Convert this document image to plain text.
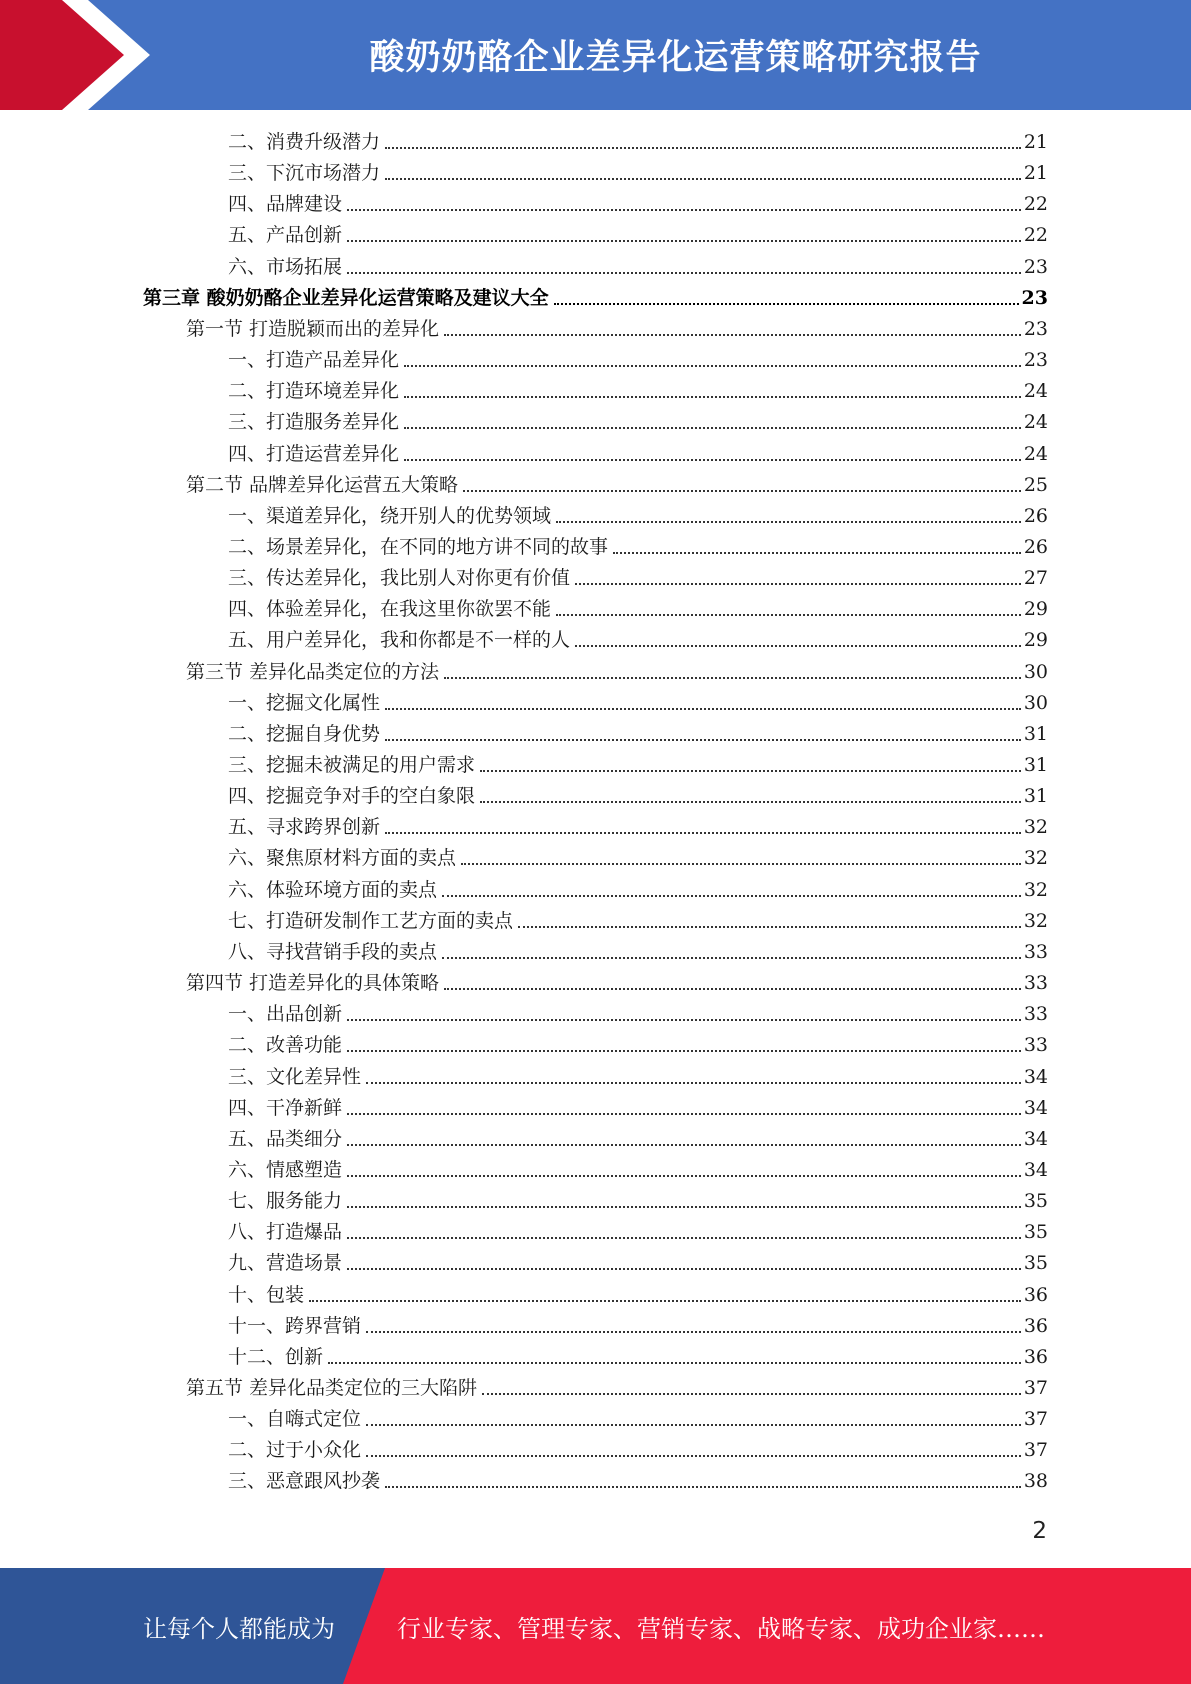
酸奶奶酪企业差异化运营策略研究报告
二、消费升级潜力	21
三、下沉市场潜力	21
四、品牌建设	22
五、产品创新	22
六、市场拓展	23
第三章 酸奶奶酪企业差异化运营策略及建议大全	23
第一节 打造脱颖而出的差异化	23
一、打造产品差异化	23
二、打造环境差异化	24
三、打造服务差异化	24
四、打造运营差异化	24
第二节 品牌差异化运营五大策略	25
一、渠道差异化，绕开别人的优势领域	26
二、场景差异化，在不同的地方讲不同的故事	26
三、传达差异化，我比别人对你更有价值	27
四、体验差异化，在我这里你欲罢不能	29
五、用户差异化，我和你都是不一样的人	29
第三节 差异化品类定位的方法	30
一、挖掘文化属性	30
二、挖掘自身优势	31
三、挖掘未被满足的用户需求	31
四、挖掘竞争对手的空白象限	31
五、寻求跨界创新	32
六、聚焦原材料方面的卖点	32
六、体验环境方面的卖点	32
七、打造研发制作工艺方面的卖点	32
八、寻找营销手段的卖点	33
第四节 打造差异化的具体策略	33
一、出品创新	33
二、改善功能	33
三、文化差异性	34
四、干净新鲜	34
五、品类细分	34
六、情感塑造	34
七、服务能力	35
八、打造爆品	35
九、营造场景	35
十、包装	36
十一、跨界营销	36
十二、创新	36
第五节 差异化品类定位的三大陷阱	37
一、自嗨式定位	37
二、过于小众化	37
三、恶意跟风抄袭	38
2
让每个人都能成为	行业专家、管理专家、营销专家、战略专家、成功企业家……
